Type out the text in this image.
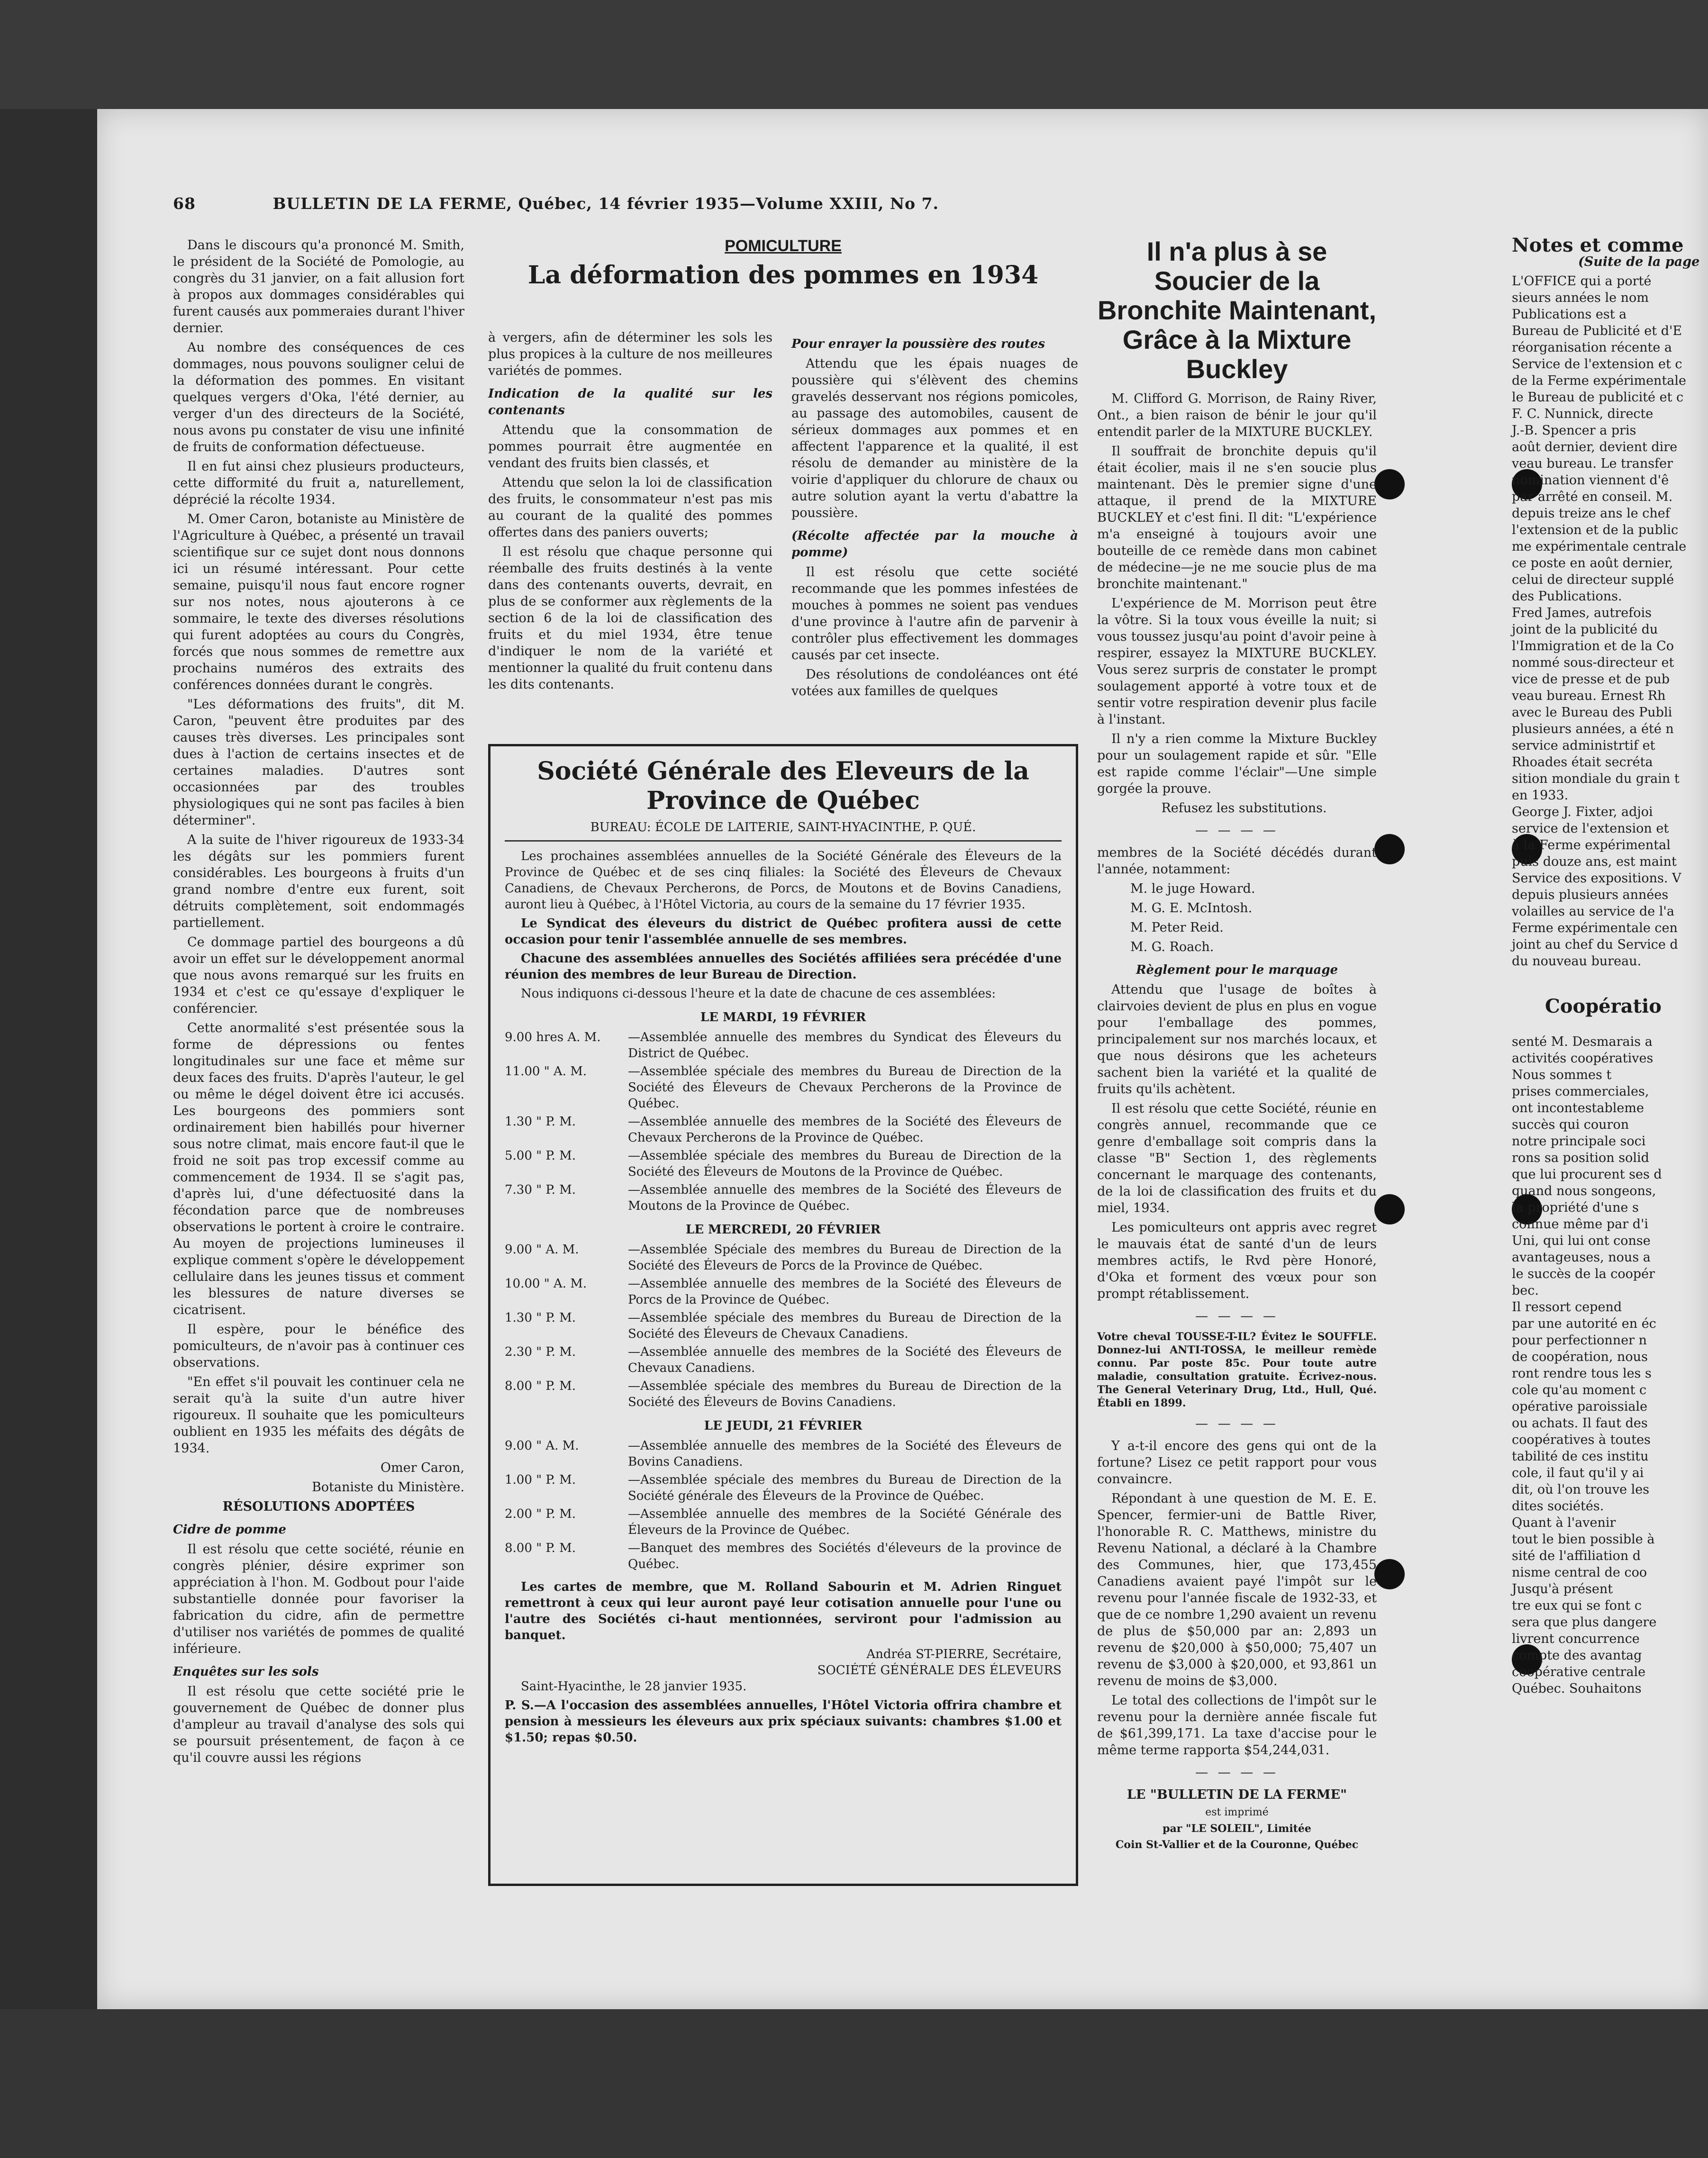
68	BULLETIN DE LA FERME, Québec, 14 février 1935—Volume XXIII, No 7.

Dans le discours qu'a prononcé M. Smith, le président de la Société de Pomologie, au congrès du 31 janvier, on a fait allusion fort à propos aux dommages considérables qui furent causés aux pommeraies durant l'hiver dernier.

Au nombre des conséquences de ces dommages, nous pouvons souligner celui de la déformation des pommes. En visitant quelques vergers d'Oka, l'été dernier, au verger d'un des directeurs de la Société, nous avons pu constater de visu une infinité de fruits de conformation défectueuse.

Il en fut ainsi chez plusieurs producteurs, cette difformité du fruit a, naturellement, déprécié la récolte 1934.

M. Omer Caron, botaniste au Ministère de l'Agriculture à Québec, a présenté un travail scientifique sur ce sujet dont nous donnons ici un résumé intéressant. Pour cette semaine, puisqu'il nous faut encore rogner sur nos notes, nous ajouterons à ce sommaire, le texte des diverses résolutions qui furent adoptées au cours du Congrès, forcés que nous sommes de remettre aux prochains numéros des extraits des conférences données durant le congrès.

"Les déformations des fruits", dit M. Caron, "peuvent être produites par des causes très diverses. Les principales sont dues à l'action de certains insectes et de certaines maladies. D'autres sont occasionnées par des troubles physiologiques qui ne sont pas faciles à bien déterminer".

A la suite de l'hiver rigoureux de 1933-34 les dégâts sur les pommiers furent considérables. Les bourgeons à fruits d'un grand nombre d'entre eux furent, soit détruits complètement, soit endommagés partiellement.

Ce dommage partiel des bourgeons a dû avoir un effet sur le développement anormal que nous avons remarqué sur les fruits en 1934 et c'est ce qu'essaye d'expliquer le conférencier.

Cette anormalité s'est présentée sous la forme de dépressions ou fentes longitudinales sur une face et même sur deux faces des fruits. D'après l'auteur, le gel ou même le dégel doivent être ici accusés. Les bourgeons des pommiers sont ordinairement bien habillés pour hiverner sous notre climat, mais encore faut-il que le froid ne soit pas trop excessif comme au commencement de 1934. Il se s'agit pas, d'après lui, d'une défectuosité dans la fécondation parce que de nombreuses observations le portent à croire le contraire. Au moyen de projections lumineuses il explique comment s'opère le développement cellulaire dans les jeunes tissus et comment les blessures de nature diverses se cicatrisent.

Il espère, pour le bénéfice des pomiculteurs, de n'avoir pas à continuer ces observations.

"En effet s'il pouvait les continuer cela ne serait qu'à la suite d'un autre hiver rigoureux. Il souhaite que les pomiculteurs oublient en 1935 les méfaits des dégâts de 1934.

Omer Caron,

Botaniste du Ministère.

RÉSOLUTIONS ADOPTÉES

Cidre de pomme

Il est résolu que cette société, réunie en congrès plénier, désire exprimer son appréciation à l'hon. M. Godbout pour l'aide substantielle donnée pour favoriser la fabrication du cidre, afin de permettre d'utiliser nos variétés de pommes de qualité inférieure.

Enquêtes sur les sols

Il est résolu que cette société prie le gouvernement de Québec de donner plus d'ampleur au travail d'analyse des sols qui se poursuit présentement, de façon à ce qu'il couvre aussi les régions

POMICULTURE
La déformation des pommes en 1934

à vergers, afin de déterminer les sols les plus propices à la culture de nos meilleures variétés de pommes.

Indication de la qualité sur les contenants

Attendu que la consommation de pommes pourrait être augmentée en vendant des fruits bien classés, et

Attendu que selon la loi de classification des fruits, le consommateur n'est pas mis au courant de la qualité des pommes offertes dans des paniers ouverts;

Il est résolu que chaque personne qui réemballe des fruits destinés à la vente dans des contenants ouverts, devrait, en plus de se conformer aux règlements de la section 6 de la loi de classification des fruits et du miel 1934, être tenue d'indiquer le nom de la variété et mentionner la qualité du fruit contenu dans les dits contenants.

Pour enrayer la poussière des routes

Attendu que les épais nuages de poussière qui s'élèvent des chemins gravelés desservant nos régions pomicoles, au passage des automobiles, causent de sérieux dommages aux pommes et en affectent l'apparence et la qualité, il est résolu de demander au ministère de la voirie d'appliquer du chlorure de chaux ou autre solution ayant la vertu d'abattre la poussière.

(Récolte affectée par la mouche à pomme)

Il est résolu que cette société recommande que les pommes infestées de mouches à pommes ne soient pas vendues d'une province à l'autre afin de parvenir à contrôler plus effectivement les dommages causés par cet insecte.

Des résolutions de condoléances ont été votées aux familles de quelques

Société Générale des Eleveurs de la Province de Québec
BUREAU: ÉCOLE DE LAITERIE, SAINT-HYACINTHE, P. QUÉ.

Les prochaines assemblées annuelles de la Société Générale des Éleveurs de la Province de Québec et de ses cinq filiales: la Société des Éleveurs de Chevaux Canadiens, de Chevaux Percherons, de Porcs, de Moutons et de Bovins Canadiens, auront lieu à Québec, à l'Hôtel Victoria, au cours de la semaine du 17 février 1935.

Le Syndicat des éleveurs du district de Québec profitera aussi de cette occasion pour tenir l'assemblée annuelle de ses membres.

Chacune des assemblées annuelles des Sociétés affiliées sera précédée d'une réunion des membres de leur Bureau de Direction.

Nous indiquons ci-dessous l'heure et la date de chacune de ces assemblées:

LE MARDI, 19 FÉVRIER
9.00 hres A. M.	—Assemblée annuelle des membres du Syndicat des Éleveurs du District de Québec.
11.00 " A. M.	—Assemblée spéciale des membres du Bureau de Direction de la Société des Éleveurs de Chevaux Percherons de la Province de Québec.
1.30 " P. M.	—Assemblée annuelle des membres de la Société des Éleveurs de Chevaux Percherons de la Province de Québec.
5.00 " P. M.	—Assemblée spéciale des membres du Bureau de Direction de la Société des Éleveurs de Moutons de la Province de Québec.
7.30 " P. M.	—Assemblée annuelle des membres de la Société des Éleveurs de Moutons de la Province de Québec.
LE MERCREDI, 20 FÉVRIER
9.00 " A. M.	—Assemblée Spéciale des membres du Bureau de Direction de la Société des Éleveurs de Porcs de la Province de Québec.
10.00 " A. M.	—Assemblée annuelle des membres de la Société des Éleveurs de Porcs de la Province de Québec.
1.30 " P. M.	—Assemblée spéciale des membres du Bureau de Direction de la Société des Éleveurs de Chevaux Canadiens.
2.30 " P. M.	—Assemblée annuelle des membres de la Société des Éleveurs de Chevaux Canadiens.
8.00 " P. M.	—Assemblée spéciale des membres du Bureau de Direction de la Société des Éleveurs de Bovins Canadiens.
LE JEUDI, 21 FÉVRIER
9.00 " A. M.	—Assemblée annuelle des membres de la Société des Éleveurs de Bovins Canadiens.
1.00 " P. M.	—Assemblée spéciale des membres du Bureau de Direction de la Société générale des Éleveurs de la Province de Québec.
2.00 " P. M.	—Assemblée annuelle des membres de la Société Générale des Éleveurs de la Province de Québec.
8.00 " P. M.	—Banquet des membres des Sociétés d'éleveurs de la province de Québec.

Les cartes de membre, que M. Rolland Sabourin et M. Adrien Ringuet remettront à ceux qui leur auront payé leur cotisation annuelle pour l'une ou l'autre des Sociétés ci-haut mentionnées, serviront pour l'admission au banquet.

Andréa ST-PIERRE, Secrétaire,

SOCIÉTÉ GÉNÉRALE DES ÉLEVEURS

Saint-Hyacinthe, le 28 janvier 1935.

P. S.—A l'occasion des assemblées annuelles, l'Hôtel Victoria offrira chambre et pension à messieurs les éleveurs aux prix spéciaux suivants: chambres $1.00 et $1.50; repas $0.50.

Il n'a plus à se Soucier de la Bronchite Maintenant, Grâce à la Mixture Buckley

M. Clifford G. Morrison, de Rainy River, Ont., a bien raison de bénir le jour qu'il entendit parler de la MIXTURE BUCKLEY.

Il souffrait de bronchite depuis qu'il était écolier, mais il ne s'en soucie plus maintenant. Dès le premier signe d'une attaque, il prend de la MIXTURE BUCKLEY et c'est fini. Il dit: "L'expérience m'a enseigné à toujours avoir une bouteille de ce remède dans mon cabinet de médecine—je ne me soucie plus de ma bronchite maintenant."

L'expérience de M. Morrison peut être la vôtre. Si la toux vous éveille la nuit; si vous toussez jusqu'au point d'avoir peine à respirer, essayez la MIXTURE BUCKLEY. Vous serez surpris de constater le prompt soulagement apporté à votre toux et de sentir votre respiration devenir plus facile à l'instant.

Il n'y a rien comme la Mixture Buckley pour un soulagement rapide et sûr. "Elle est rapide comme l'éclair"—Une simple gorgée la prouve.

Refusez les substitutions.

— — — —

membres de la Société décédés durant l'année, notamment:

M. le juge Howard.

M. G. E. McIntosh.

M. Peter Reid.

M. G. Roach.

Règlement pour le marquage

Attendu que l'usage de boîtes à clairvoies devient de plus en plus en vogue pour l'emballage des pommes, principalement sur nos marchés locaux, et que nous désirons que les acheteurs sachent bien la variété et la qualité de fruits qu'ils achètent.

Il est résolu que cette Société, réunie en congrès annuel, recommande que ce genre d'emballage soit compris dans la classe "B" Section 1, des règlements concernant le marquage des contenants, de la loi de classification des fruits et du miel, 1934.

Les pomiculteurs ont appris avec regret le mauvais état de santé d'un de leurs membres actifs, le Rvd père Honoré, d'Oka et forment des vœux pour son prompt rétablissement.

— — — —

Votre cheval TOUSSE-T-IL? Évitez le SOUFFLE. Donnez-lui ANTI-TOSSA, le meilleur remède connu. Par poste 85c. Pour toute autre maladie, consultation gratuite. Écrivez-nous. The General Veterinary Drug, Ltd., Hull, Qué. Établi en 1899.

— — — —

Y a-t-il encore des gens qui ont de la fortune? Lisez ce petit rapport pour vous convaincre.

Répondant à une question de M. E. E. Spencer, fermier-uni de Battle River, l'honorable R. C. Matthews, ministre du Revenu National, a déclaré à la Chambre des Communes, hier, que 173,455 Canadiens avaient payé l'impôt sur le revenu pour l'année fiscale de 1932-33, et que de ce nombre 1,290 avaient un revenu de plus de $50,000 par an: 2,893 un revenu de $20,000 à $50,000; 75,407 un revenu de $3,000 à $20,000, et 93,861 un revenu de moins de $3,000.

Le total des collections de l'impôt sur le revenu pour la dernière année fiscale fut de $61,399,171. La taxe d'accise pour le même terme rapporta $54,244,031.

— — — —

LE "BULLETIN DE LA FERME"

est imprimé

par "LE SOLEIL", Limitée

Coin St-Vallier et de la Couronne, Québec

Notes et comme

(Suite de la page

L'OFFICE qui a porté
sieurs années le nom
Publications est a
Bureau de Publicité et d'E
réorganisation récente a
Service de l'extension et c
de la Ferme expérimentale
le Bureau de publicité et c
F. C. Nunnick, directe
J.-B. Spencer a pris
août dernier, devient dire
veau bureau. Le transfer
nomination viennent d'ê
par arrêté en conseil. M.
depuis treize ans le chef
l'extension et de la public
me expérimentale centrale
ce poste en août dernier,
celui de directeur supplé
des Publications.
Fred James, autrefois
joint de la publicité du
l'Immigration et de la Co
nommé sous-directeur et
vice de presse et de pub
veau bureau. Ernest Rh
avec le Bureau des Publi
plusieurs années, a été n
service administrtif et
Rhoades était secréta
sition mondiale du grain t
en 1933.
George J. Fixter, adjoi
service de l'extension et
à la Ferme expérimental
puis douze ans, est maint
Service des expositions. V
depuis plusieurs années
volailles au service de l'a
Ferme expérimentale cen
joint au chef du Service d
du nouveau bureau.
Coopératio
senté M. Desmarais a
activités coopératives
Nous sommes t
prises commerciales,
ont incontestableme
succès qui couron
notre principale soci
rons sa position solid
que lui procurent ses d
quand nous songeons,
la propriété d'une s
connue même par d'i
Uni, qui lui ont conse
avantageuses, nous a
le succès de la coopér
bec.
Il ressort cepend
par une autorité en éc
pour perfectionner n
de coopération, nous
ront rendre tous les s
cole qu'au moment c
opérative paroissiale
ou achats. Il faut des
coopératives à toutes
tabilité de ces institu
cole, il faut qu'il y ai
dit, où l'on trouve les
dites sociétés.
Quant à l'avenir
tout le bien possible à
sité de l'affiliation d
nisme central de coo
Jusqu'à présent
tre eux qui se font c
sera que plus dangere
livrent concurrence
compte des avantag
coopérative centrale
Québec. Souhaitons
